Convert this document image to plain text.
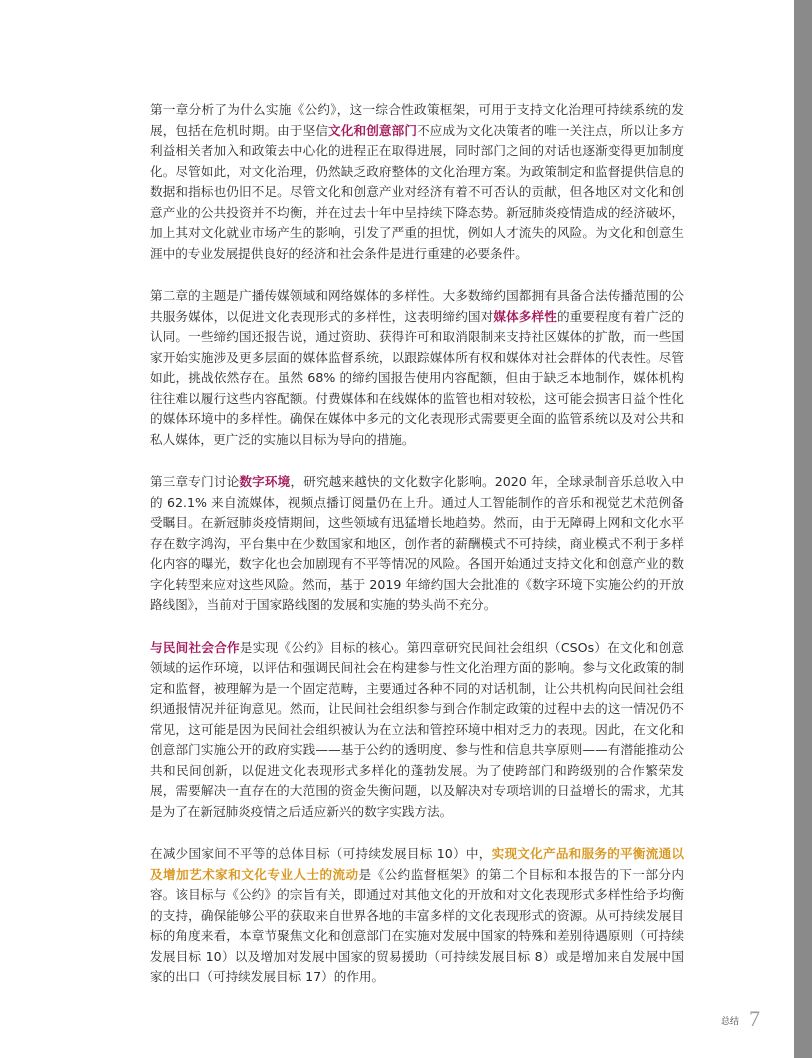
第一章分析了为什么实施《公约》，这一综合性政策框架，可用于支持文化治理可持续系统的发展，包括在危机时期。由于坚信文化和创意部门不应成为文化决策者的唯一关注点，所以让多方利益相关者加入和政策去中心化的进程正在取得进展，同时部门之间的对话也逐渐变得更加制度化。尽管如此，对文化治理，仍然缺乏政府整体的文化治理方案。为政策制定和监督提供信息的数据和指标也仍旧不足。尽管文化和创意产业对经济有着不可否认的贡献，但各地区对文化和创意产业的公共投资并不均衡，并在过去十年中呈持续下降态势。新冠肺炎疫情造成的经济破坏，加上其对文化就业市场产生的影响，引发了严重的担忧，例如人才流失的风险。为文化和创意生涯中的专业发展提供良好的经济和社会条件是进行重建的必要条件。

第二章的主题是广播传媒领域和网络媒体的多样性。大多数缔约国都拥有具备合法传播范围的公共服务媒体，以促进文化表现形式的多样性，这表明缔约国对媒体多样性的重要程度有着广泛的认同。一些缔约国还报告说，通过资助、获得许可和取消限制来支持社区媒体的扩散，而一些国家开始实施涉及更多层面的媒体监督系统，以跟踪媒体所有权和媒体对社会群体的代表性。尽管如此，挑战依然存在。虽然 68% 的缔约国报告使用内容配额，但由于缺乏本地制作，媒体机构往往难以履行这些内容配额。付费媒体和在线媒体的监管也相对较松，这可能会损害日益个性化的媒体环境中的多样性。确保在媒体中多元的文化表现形式需要更全面的监管系统以及对公共和私人媒体，更广泛的实施以目标为导向的措施。

第三章专门讨论数字环境，研究越来越快的文化数字化影响。2020 年，全球录制音乐总收入中的 62.1% 来自流媒体，视频点播订阅量仍在上升。通过人工智能制作的音乐和视觉艺术范例备受瞩目。在新冠肺炎疫情期间，这些领域有迅猛增长地趋势。然而，由于无障碍上网和文化水平存在数字鸿沟，平台集中在少数国家和地区，创作者的薪酬模式不可持续，商业模式不利于多样化内容的曝光，数字化也会加剧现有不平等情况的风险。各国开始通过支持文化和创意产业的数字化转型来应对这些风险。然而，基于 2019 年缔约国大会批准的《数字环境下实施公约的开放路线图》，当前对于国家路线图的发展和实施的势头尚不充分。

与民间社会合作是实现《公约》目标的核心。第四章研究民间社会组织（CSOs）在文化和创意领域的运作环境，以评估和强调民间社会在构建参与性文化治理方面的影响。参与文化政策的制定和监督，被理解为是一个固定范畴，主要通过各种不同的对话机制，让公共机构向民间社会组织通报情况并征询意见。然而，让民间社会组织参与到合作制定政策的过程中去的这一情况仍不常见，这可能是因为民间社会组织被认为在立法和管控环境中相对乏力的表现。因此，在文化和创意部门实施公开的政府实践——基于公约的透明度、参与性和信息共享原则——有潜能推动公共和民间创新，以促进文化表现形式多样化的蓬勃发展。为了使跨部门和跨级别的合作繁荣发展，需要解决一直存在的大范围的资金失衡问题，以及解决对专项培训的日益增长的需求，尤其是为了在新冠肺炎疫情之后适应新兴的数字实践方法。

在减少国家间不平等的总体目标（可持续发展目标 10）中，实现文化产品和服务的平衡流通以及增加艺术家和文化专业人士的流动是《公约监督框架》的第二个目标和本报告的下一部分内容。该目标与《公约》的宗旨有关，即通过对其他文化的开放和对文化表现形式多样性给予均衡的支持，确保能够公平的获取来自世界各地的丰富多样的文化表现形式的资源。从可持续发展目标的角度来看，本章节聚焦文化和创意部门在实施对发展中国家的特殊和差别待遇原则（可持续发展目标 10）以及增加对发展中国家的贸易援助（可持续发展目标 8）或是增加来自发展中国家的出口（可持续发展目标 17）的作用。

总结 7
